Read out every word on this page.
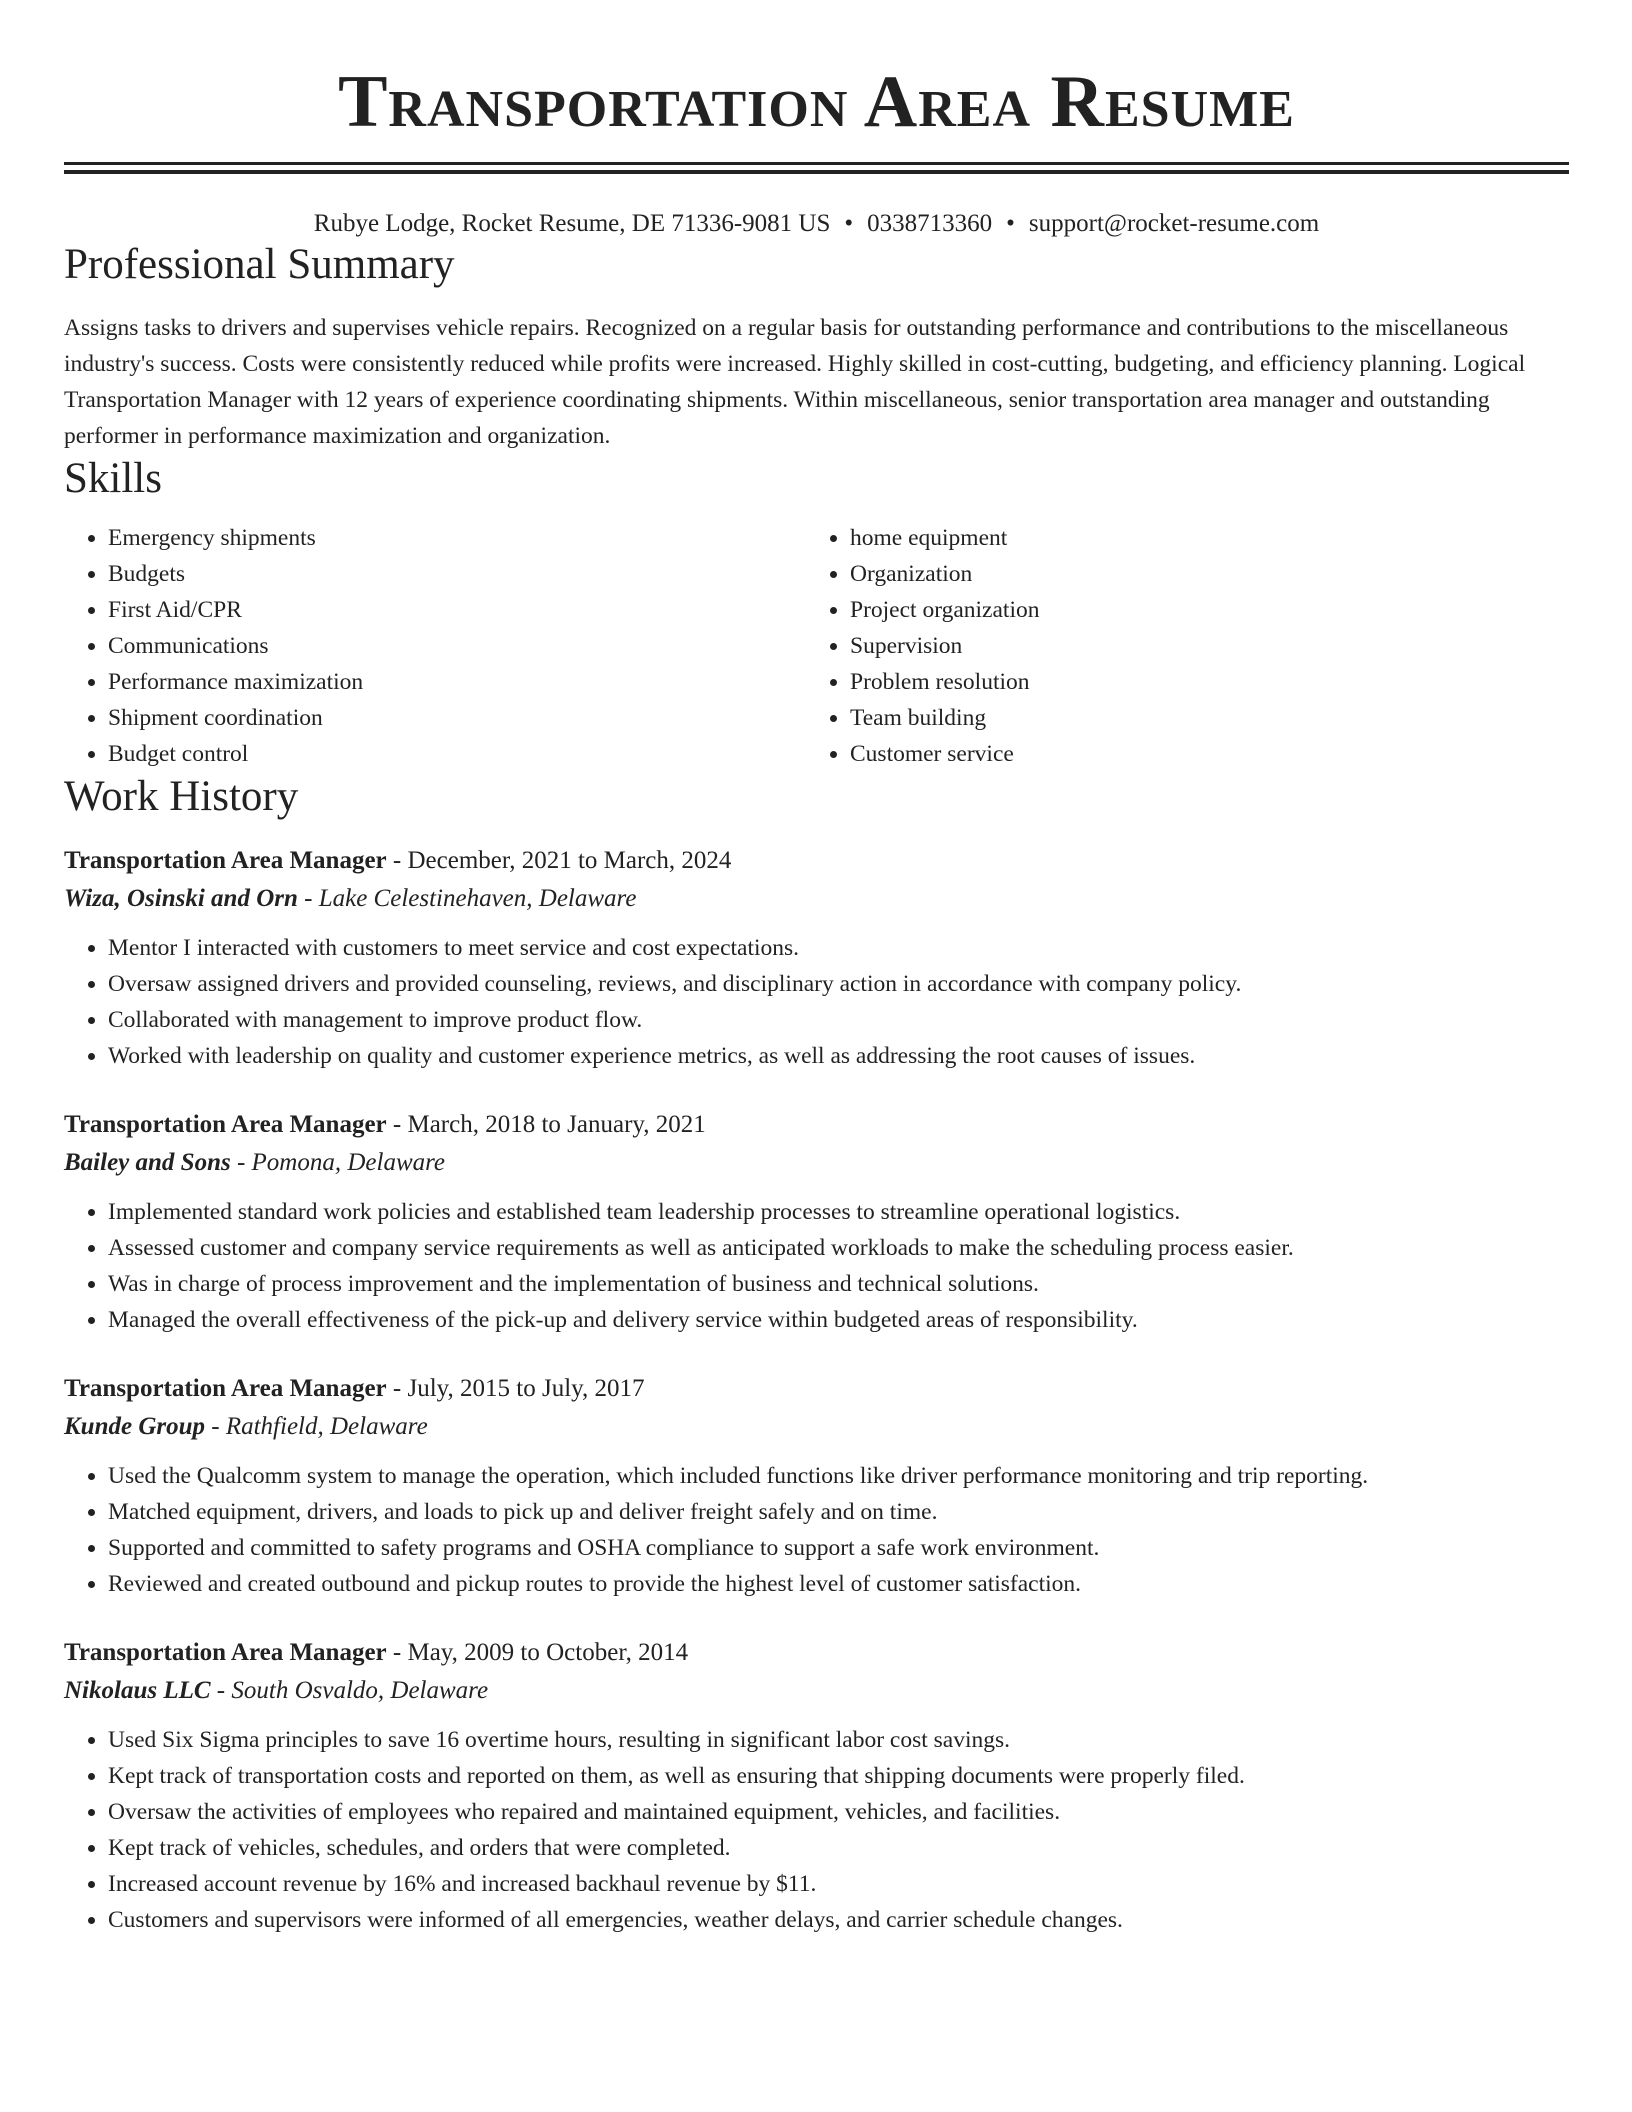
Transportation Area Resume
Rubye Lodge, Rocket Resume, DE 71336-9081 US • 0338713360 • support@rocket-resume.com
Professional Summary

Assigns tasks to drivers and supervises vehicle repairs. Recognized on a regular basis for outstanding performance and contributions to the miscellaneous industry's success. Costs were consistently reduced while profits were increased. Highly skilled in cost-cutting, budgeting, and efficiency planning. Logical Transportation Manager with 12 years of experience coordinating shipments. Within miscellaneous, senior transportation area manager and outstanding performer in performance maximization and organization.

Skills
• Emergency shipments
• Budgets
• First Aid/CPR
• Communications
• Performance maximization
• Shipment coordination
• Budget control
• home equipment
• Organization
• Project organization
• Supervision
• Problem resolution
• Team building
• Customer service
Work History
Transportation Area Manager - December, 2021 to March, 2024
Wiza, Osinski and Orn - Lake Celestinehaven, Delaware
• Mentor I interacted with customers to meet service and cost expectations.
• Oversaw assigned drivers and provided counseling, reviews, and disciplinary action in accordance with company policy.
• Collaborated with management to improve product flow.
• Worked with leadership on quality and customer experience metrics, as well as addressing the root causes of issues.
Transportation Area Manager - March, 2018 to January, 2021
Bailey and Sons - Pomona, Delaware
• Implemented standard work policies and established team leadership processes to streamline operational logistics.
• Assessed customer and company service requirements as well as anticipated workloads to make the scheduling process easier.
• Was in charge of process improvement and the implementation of business and technical solutions.
• Managed the overall effectiveness of the pick-up and delivery service within budgeted areas of responsibility.
Transportation Area Manager - July, 2015 to July, 2017
Kunde Group - Rathfield, Delaware
• Used the Qualcomm system to manage the operation, which included functions like driver performance monitoring and trip reporting.
• Matched equipment, drivers, and loads to pick up and deliver freight safely and on time.
• Supported and committed to safety programs and OSHA compliance to support a safe work environment.
• Reviewed and created outbound and pickup routes to provide the highest level of customer satisfaction.
Transportation Area Manager - May, 2009 to October, 2014
Nikolaus LLC - South Osvaldo, Delaware
• Used Six Sigma principles to save 16 overtime hours, resulting in significant labor cost savings.
• Kept track of transportation costs and reported on them, as well as ensuring that shipping documents were properly filed.
• Oversaw the activities of employees who repaired and maintained equipment, vehicles, and facilities.
• Kept track of vehicles, schedules, and orders that were completed.
• Increased account revenue by 16% and increased backhaul revenue by $11.
• Customers and supervisors were informed of all emergencies, weather delays, and carrier schedule changes.
